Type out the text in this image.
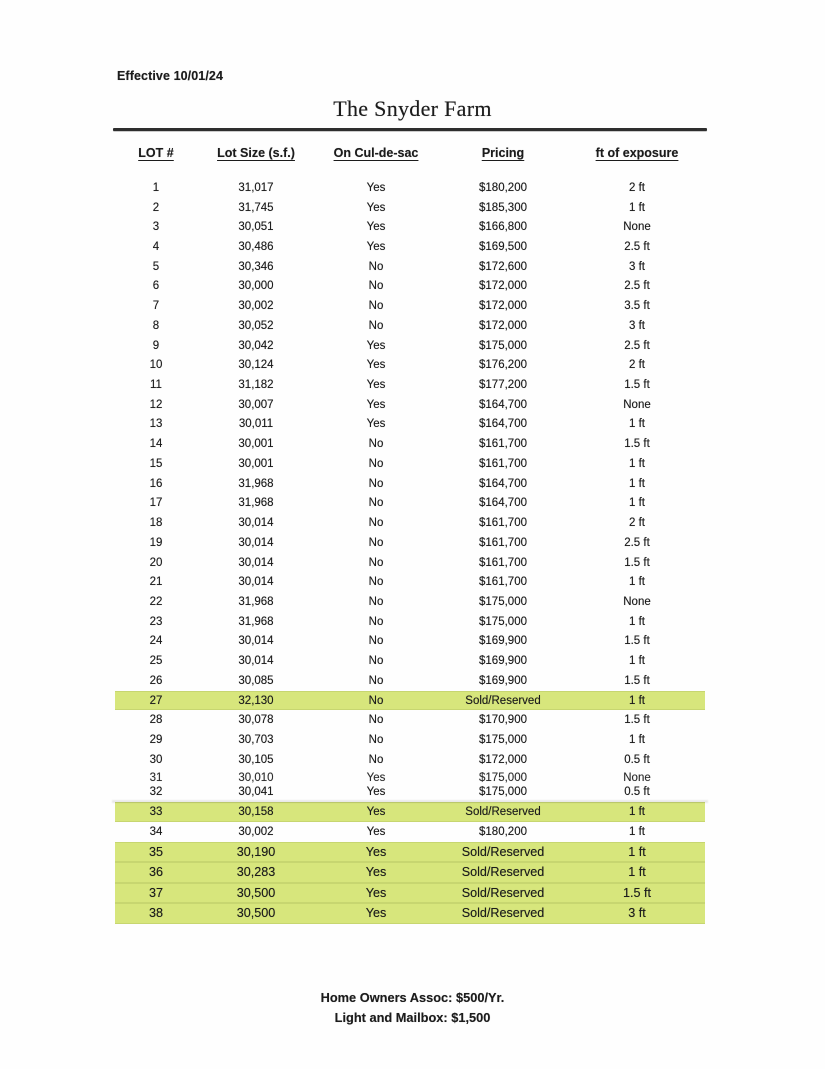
Effective 10/01/24
The Snyder Farm
LOT #	Lot Size (s.f.)	On Cul-de-sac	Pricing	ft of exposure
1	31,017	Yes	$180,200	2 ft
2	31,745	Yes	$185,300	1 ft
3	30,051	Yes	$166,800	None
4	30,486	Yes	$169,500	2.5 ft
5	30,346	No	$172,600	3 ft
6	30,000	No	$172,000	2.5 ft
7	30,002	No	$172,000	3.5 ft
8	30,052	No	$172,000	3 ft
9	30,042	Yes	$175,000	2.5 ft
10	30,124	Yes	$176,200	2 ft
11	31,182	Yes	$177,200	1.5 ft
12	30,007	Yes	$164,700	None
13	30,011	Yes	$164,700	1 ft
14	30,001	No	$161,700	1.5 ft
15	30,001	No	$161,700	1 ft
16	31,968	No	$164,700	1 ft
17	31,968	No	$164,700	1 ft
18	30,014	No	$161,700	2 ft
19	30,014	No	$161,700	2.5 ft
20	30,014	No	$161,700	1.5 ft
21	30,014	No	$161,700	1 ft
22	31,968	No	$175,000	None
23	31,968	No	$175,000	1 ft
24	30,014	No	$169,900	1.5 ft
25	30,014	No	$169,900	1 ft
26	30,085	No	$169,900	1.5 ft
27	32,130	No	Sold/Reserved	1 ft
28	30,078	No	$170,900	1.5 ft
29	30,703	No	$175,000	1 ft
30	30,105	No	$172,000	0.5 ft
31	30,010	Yes	$175,000	None
32	30,041	Yes	$175,000	0.5 ft
33	30,158	Yes	Sold/Reserved	1 ft
34	30,002	Yes	$180,200	1 ft
35	30,190	Yes	Sold/Reserved	1 ft
36	30,283	Yes	Sold/Reserved	1 ft
37	30,500	Yes	Sold/Reserved	1.5 ft
38	30,500	Yes	Sold/Reserved	3 ft
Home Owners Assoc: $500/Yr.
Light and Mailbox: $1,500
